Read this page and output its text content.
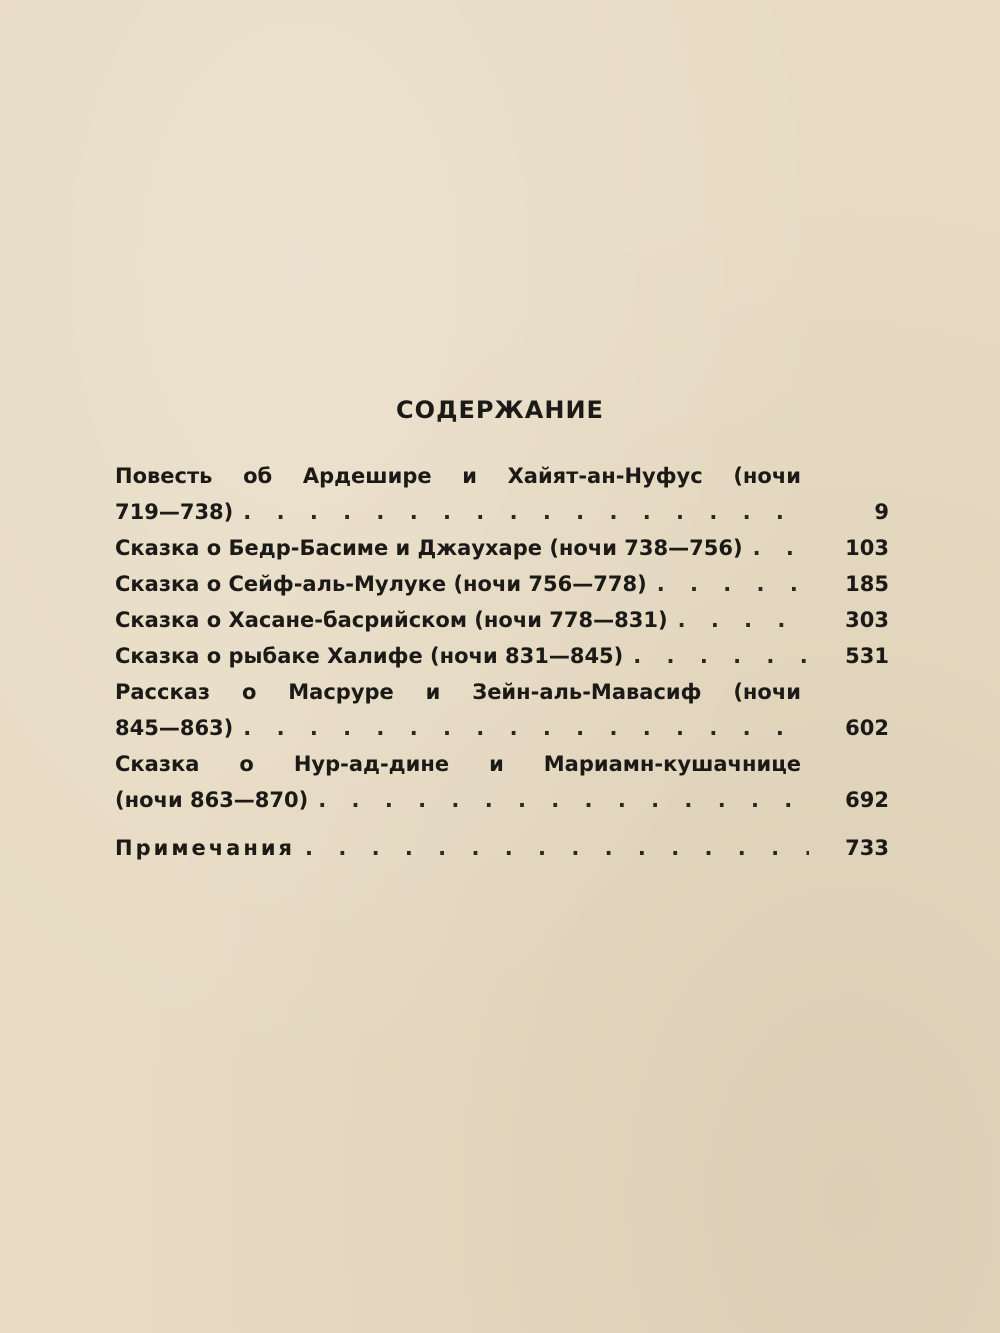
СОДЕРЖАНИЕ
Повесть об Ардешире и Хайят-ан-Нуфус (ночи
719—738) . . .	9
Сказка о Бедр-Басиме и Джаухаре (ночи 738—756) . . .	103
Сказка о Сейф-аль-Мулуке (ночи 756—778) . . .	185
Сказка о Хасане-басрийском (ночи 778—831) . . .	303
Сказка о рыбаке Халифе (ночи 831—845) . . .	531
Рассказ о Масруре и Зейн-аль-Мавасиф (ночи
845—863) . . .	602
Сказка о Нур-ад-дине и Мариамн-кушачнице
(ночи 863—870) . . .	692
Примечания . . .	733
